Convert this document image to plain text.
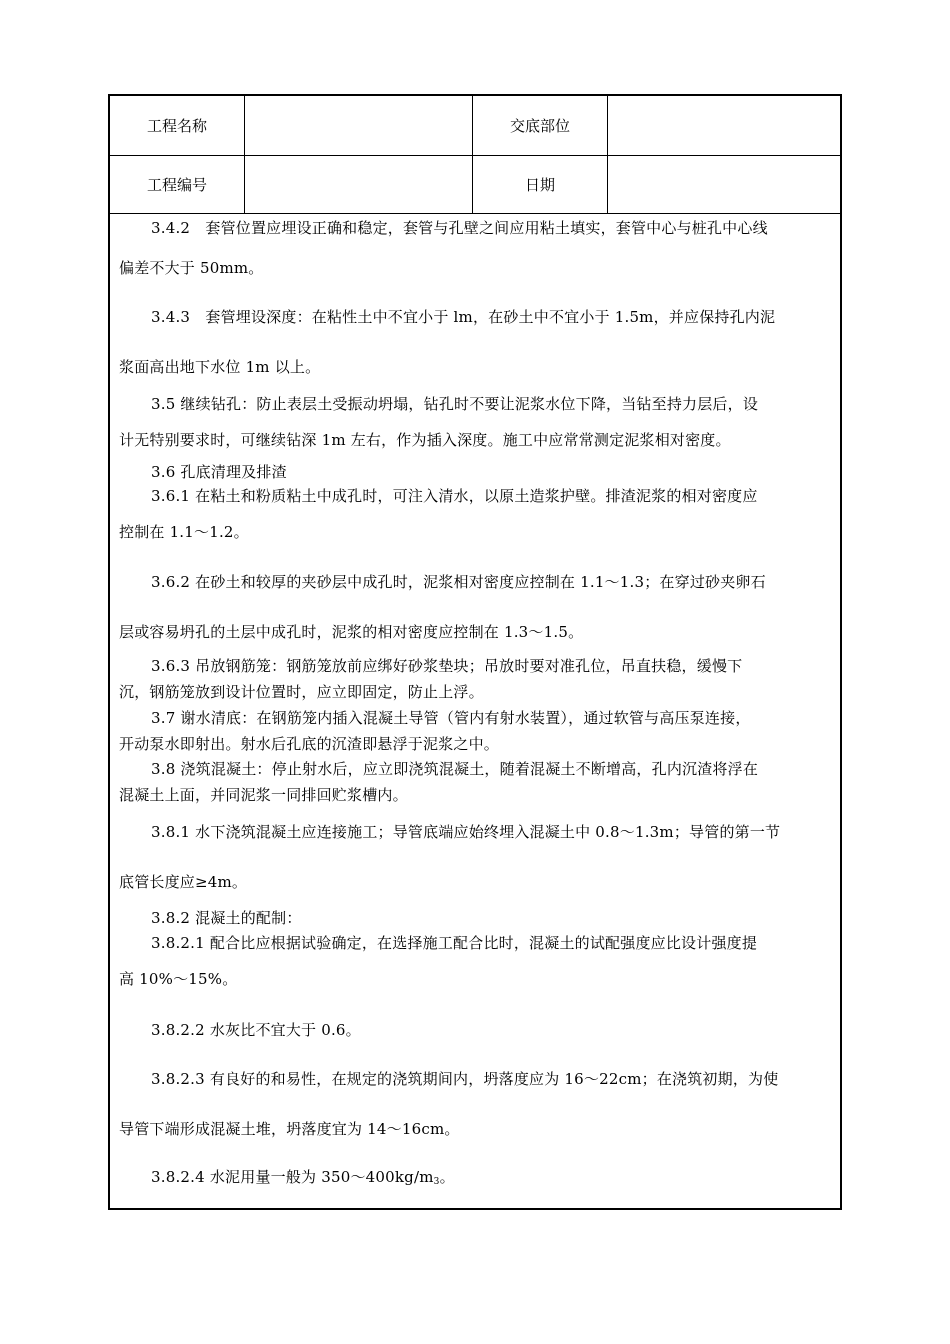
工程名称	交底部位
工程编号	日期
3.4.2　套管位置应埋设正确和稳定，套管与孔壁之间应用粘土填实，套管中心与桩孔中心线
偏差不大于 50mm。
3.4.3　套管埋设深度：在粘性土中不宜小于 lm，在砂土中不宜小于 1.5m，并应保持孔内泥
浆面高出地下水位 1m 以上。
3.5 继续钻孔：防止表层土受振动坍塌，钻孔时不要让泥浆水位下降，当钻至持力层后，设
计无特别要求时，可继续钻深 1m 左右，作为插入深度。施工中应常常测定泥浆相对密度。
3.6 孔底清理及排渣
3.6.1 在粘土和粉质粘土中成孔时，可注入清水，以原土造浆护壁。排渣泥浆的相对密度应
控制在 1.1～1.2。
3.6.2 在砂土和较厚的夹砂层中成孔时，泥浆相对密度应控制在 1.1～1.3；在穿过砂夹卵石
层或容易坍孔的土层中成孔时，泥浆的相对密度应控制在 1.3～1.5。
3.6.3 吊放钢筋笼：钢筋笼放前应绑好砂浆垫块；吊放时要对准孔位，吊直扶稳，缓慢下
沉，钢筋笼放到设计位置时，应立即固定，防止上浮。
3.7 谢水清底：在钢筋笼内插入混凝土导管（管内有射水装置），通过软管与高压泵连接，
开动泵水即射出。射水后孔底的沉渣即悬浮于泥浆之中。
3.8 浇筑混凝土：停止射水后，应立即浇筑混凝土，随着混凝土不断增高，孔内沉渣将浮在
混凝土上面，并同泥浆一同排回贮浆槽内。
3.8.1 水下浇筑混凝土应连接施工；导管底端应始终埋入混凝土中 0.8～1.3m；导管的第一节
底管长度应≥4m。
3.8.2 混凝土的配制：
3.8.2.1 配合比应根据试验确定，在选择施工配合比时，混凝土的试配强度应比设计强度提
高 10%～15%。
3.8.2.2 水灰比不宜大于 0.6。
3.8.2.3 有良好的和易性，在规定的浇筑期间内，坍落度应为 16～22cm；在浇筑初期，为使
导管下端形成混凝土堆，坍落度宜为 14～16cm。
3.8.2.4 水泥用量一般为 $350\sim 400kg/m_3$。
